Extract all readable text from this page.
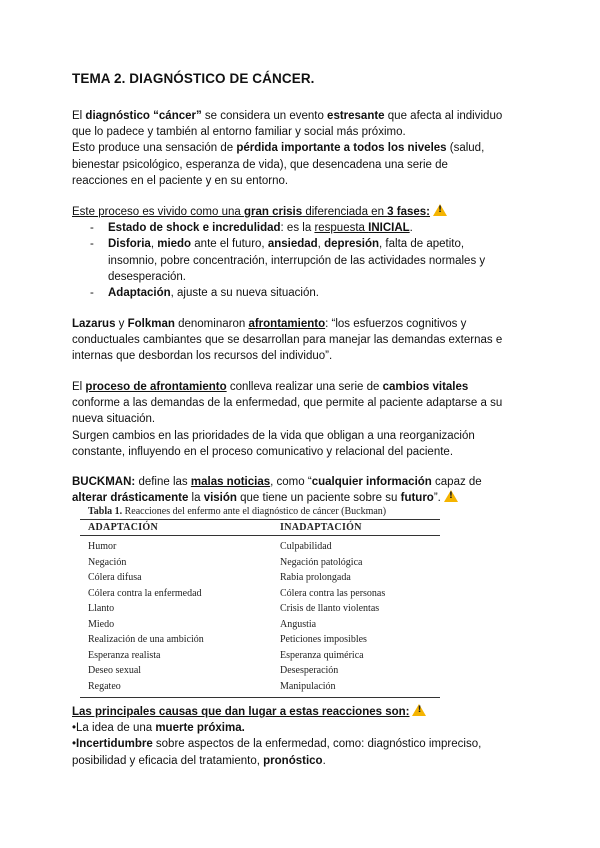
TEMA 2. DIAGNÓSTICO DE CÁNCER.

El diagnóstico “cáncer” se considera un evento estresante que afecta al individuo

que lo padece y también al entorno familiar y social más próximo.

Esto produce una sensación de pérdida importante a todos los niveles (salud,

bienestar psicológico, esperanza de vida), que desencadena una serie de

reacciones en el paciente y en su entorno.

Este proceso es vivido como una gran crisis diferenciada en 3 fases:!

- Estado de shock e incredulidad: es la respuesta INICIAL.
- Disforia, miedo ante el futuro, ansiedad, depresión, falta de apetito,
insomnio, pobre concentración, interrupción de las actividades normales y
desesperación.
- Adaptación, ajuste a su nueva situación.

Lazarus y Folkman denominaron afrontamiento: “los esfuerzos cognitivos y

conductuales cambiantes que se desarrollan para manejar las demandas externas e

internas que desbordan los recursos del individuo”.

El proceso de afrontamiento conlleva realizar una serie de cambios vitales

conforme a las demandas de la enfermedad, que permite al paciente adaptarse a su

nueva situación.

Surgen cambios en las prioridades de la vida que obligan a una reorganización

constante, influyendo en el proceso comunicativo y relacional del paciente.

BUCKMAN: define las malas noticias, como “cualquier información capaz de

alterar drásticamente la visión que tiene un paciente sobre su futuro”.!

Tabla 1. Reacciones del enfermo ante el diagnóstico de cáncer (Buckman)
ADAPTACIÓN	INADAPTACIÓN
Humor
Negación
Cólera difusa
Cólera contra la enfermedad
Llanto
Miedo
Realización de una ambición
Esperanza realista
Deseo sexual
Regateo
Culpabilidad
Negación patológica
Rabia prolongada
Cólera contra las personas
Crisis de llanto violentas
Angustia
Peticiones imposibles
Esperanza quimérica
Desesperación
Manipulación

Las principales causas que dan lugar a estas reacciones son:!

•La idea de una muerte próxima.

•Incertidumbre sobre aspectos de la enfermedad, como: diagnóstico impreciso,

posibilidad y eficacia del tratamiento, pronóstico.
